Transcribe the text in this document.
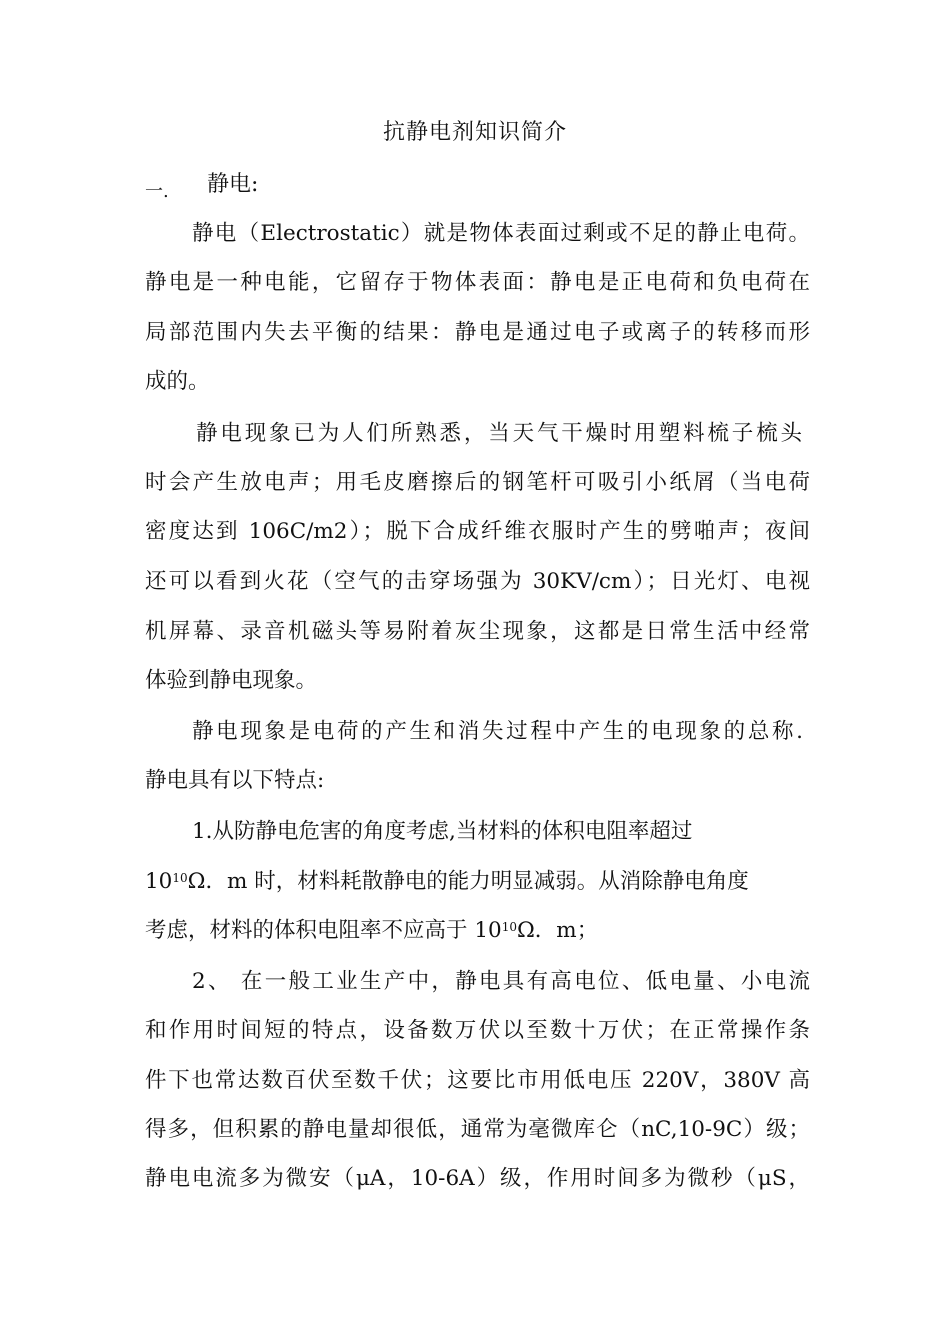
抗静电剂知识简介
一. 静电:
静电（Electrostatic）就是物体表面过剩或不足的静止电荷。
静电是一种电能，它留存于物体表面：静电是正电荷和负电荷在
局部范围内失去平衡的结果：静电是通过电子或离子的转移而形
成的。
静电现象已为人们所熟悉，当天气干燥时用塑料梳子梳头
时会产生放电声；用毛皮磨擦后的钢笔杆可吸引小纸屑（当电荷
密度达到 106C/m2）；脱下合成纤维衣服时产生的劈啪声；夜间
还可以看到火花（空气的击穿场强为 30KV/cm）；日光灯、电视
机屏幕、录音机磁头等易附着灰尘现象，这都是日常生活中经常
体验到静电现象。
静电现象是电荷的产生和消失过程中产生的电现象的总称.
静电具有以下特点:
1.从防静电危害的角度考虑,当材料的体积电阻率超过
$10^{10}\Omega$．m 时，材料耗散静电的能力明显减弱。从消除静电角度
考虑，材料的体积电阻率不应高于 $10^{10}\Omega$．m；
2、 在一般工业生产中，静电具有高电位、低电量、小电流
和作用时间短的特点，设备数万伏以至数十万伏；在正常操作条
件下也常达数百伏至数千伏；这要比市用低电压 220V，380V 高
得多，但积累的静电量却很低，通常为毫微库仑（nC,10-9C）级；
静电电流多为微安（μA，10-6A）级，作用时间多为微秒（μS，
